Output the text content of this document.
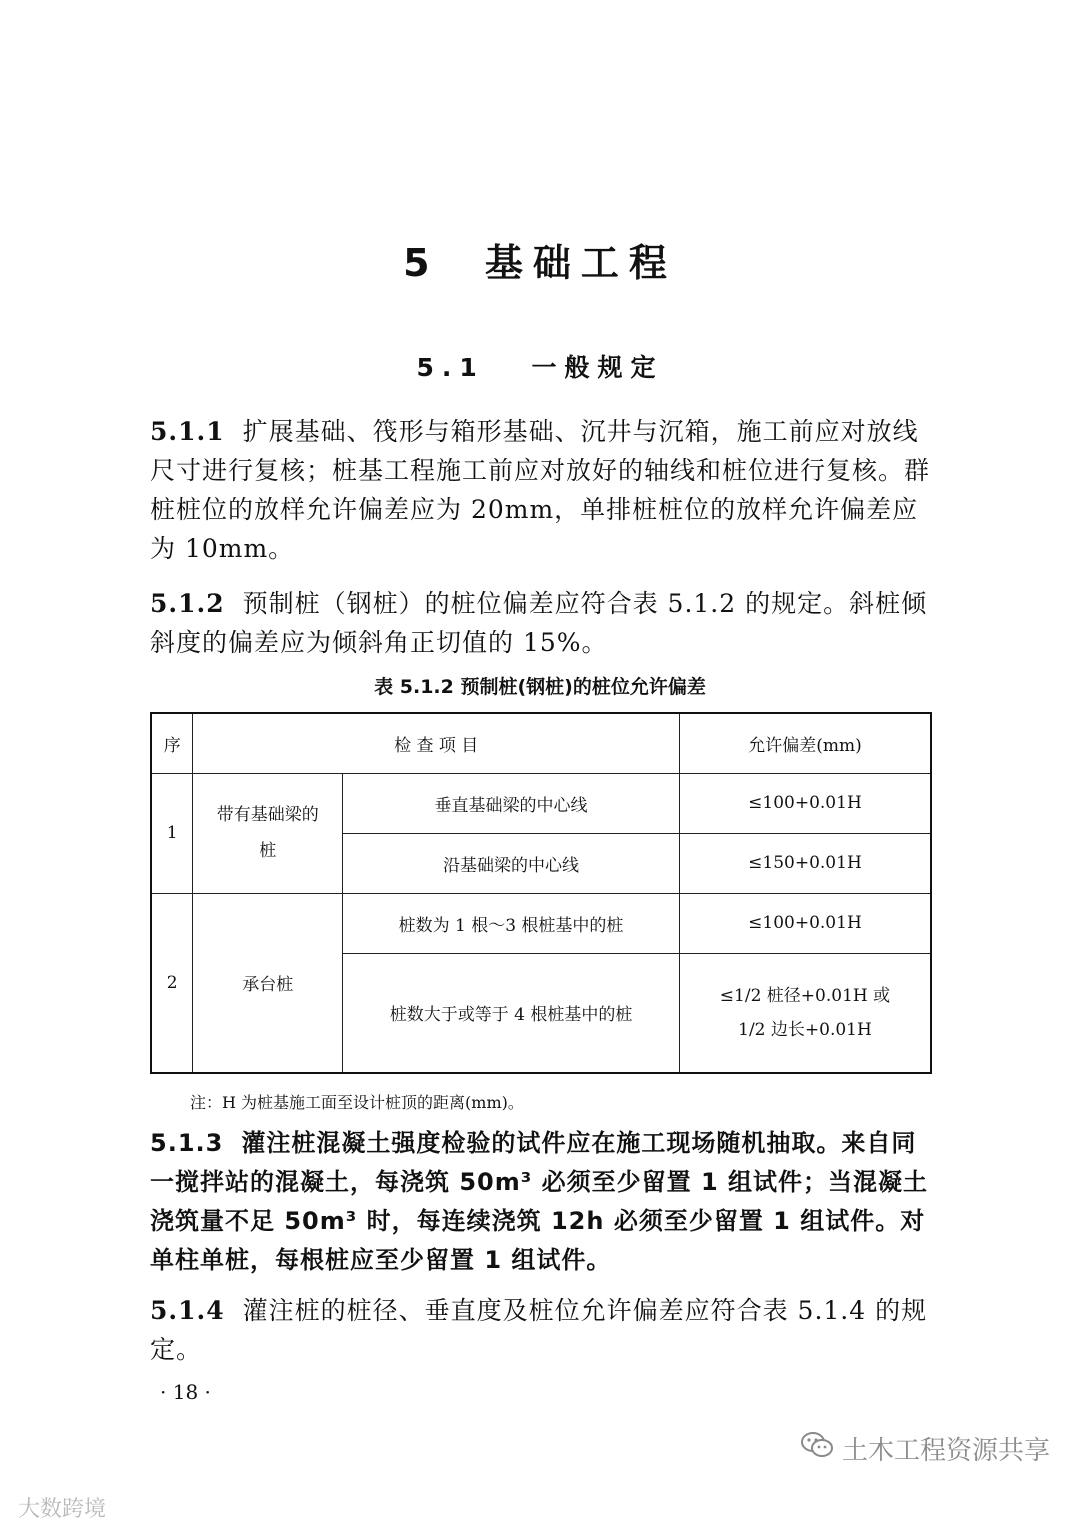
5 基础工程
5.1 一般规定
5.1.1 扩展基础、筏形与箱形基础、沉井与沉箱，施工前应对放线尺寸进行复核；桩基工程施工前应对放好的轴线和桩位进行复核。群桩桩位的放样允许偏差应为 20mm，单排桩桩位的放样允许偏差应为 10mm。
5.1.2 预制桩（钢桩）的桩位偏差应符合表 5.1.2 的规定。斜桩倾斜度的偏差应为倾斜角正切值的 15%。
表 5.1.2 预制桩(钢桩)的桩位允许偏差
序	检 查 项 目		允许偏差(mm)
1	带有基础梁的桩	垂直基础梁的中心线	≤100+0.01H
		沿基础梁的中心线	≤150+0.01H
2	承台桩	桩数为 1 根～3 根桩基中的桩	≤100+0.01H
		桩数大于或等于 4 根桩基中的桩	≤1/2 桩径+0.01H 或
1/2 边长+0.01H
注：H 为桩基施工面至设计桩顶的距离(mm)。
5.1.3 灌注桩混凝土强度检验的试件应在施工现场随机抽取。来自同一搅拌站的混凝土，每浇筑 50m³ 必须至少留置 1 组试件；当混凝土浇筑量不足 50m³ 时，每连续浇筑 12h 必须至少留置 1 组试件。对单柱单桩，每根桩应至少留置 1 组试件。
5.1.4 灌注桩的桩径、垂直度及桩位允许偏差应符合表 5.1.4 的规定。
· 18 ·
大数跨境
土木工程资源共享
